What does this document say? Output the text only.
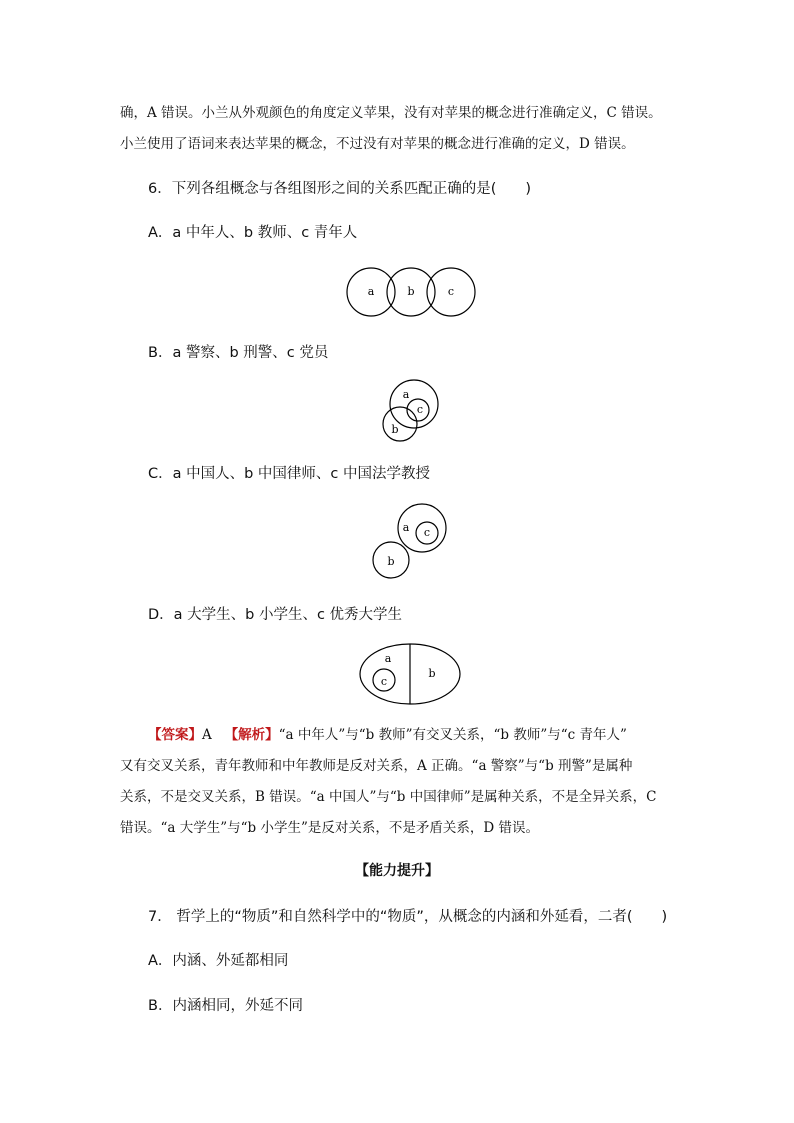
确，A 错误。小兰从外观颜色的角度定义苹果，没有对苹果的概念进行准确定义，C 错误。
小兰使用了语词来表达苹果的概念，不过没有对苹果的概念进行准确的定义，D 错误。
6．下列各组概念与各组图形之间的关系匹配正确的是(　　)
A．a 中年人、b 教师、c 青年人
a	b	c
B．a 警察、b 刑警、c 党员
a
c
b
C．a 中国人、b 中国律师、c 中国法学教授
a c
b
D．a 大学生、b 小学生、c 优秀大学生
a
c
b
【答案】A 【解析】“a 中年人”与“b 教师”有交叉关系，“b 教师”与“c 青年人”
又有交叉关系，青年教师和中年教师是反对关系，A 正确。“a 警察”与“b 刑警”是属种
关系，不是交叉关系，B 错误。“a 中国人”与“b 中国律师”是属种关系，不是全异关系，C
错误。“a 大学生”与“b 小学生”是反对关系，不是矛盾关系，D 错误。
【能力提升】
7． 哲学上的“物质”和自然科学中的“物质”，从概念的内涵和外延看，二者(　　)
A．内涵、外延都相同
B．内涵相同，外延不同
